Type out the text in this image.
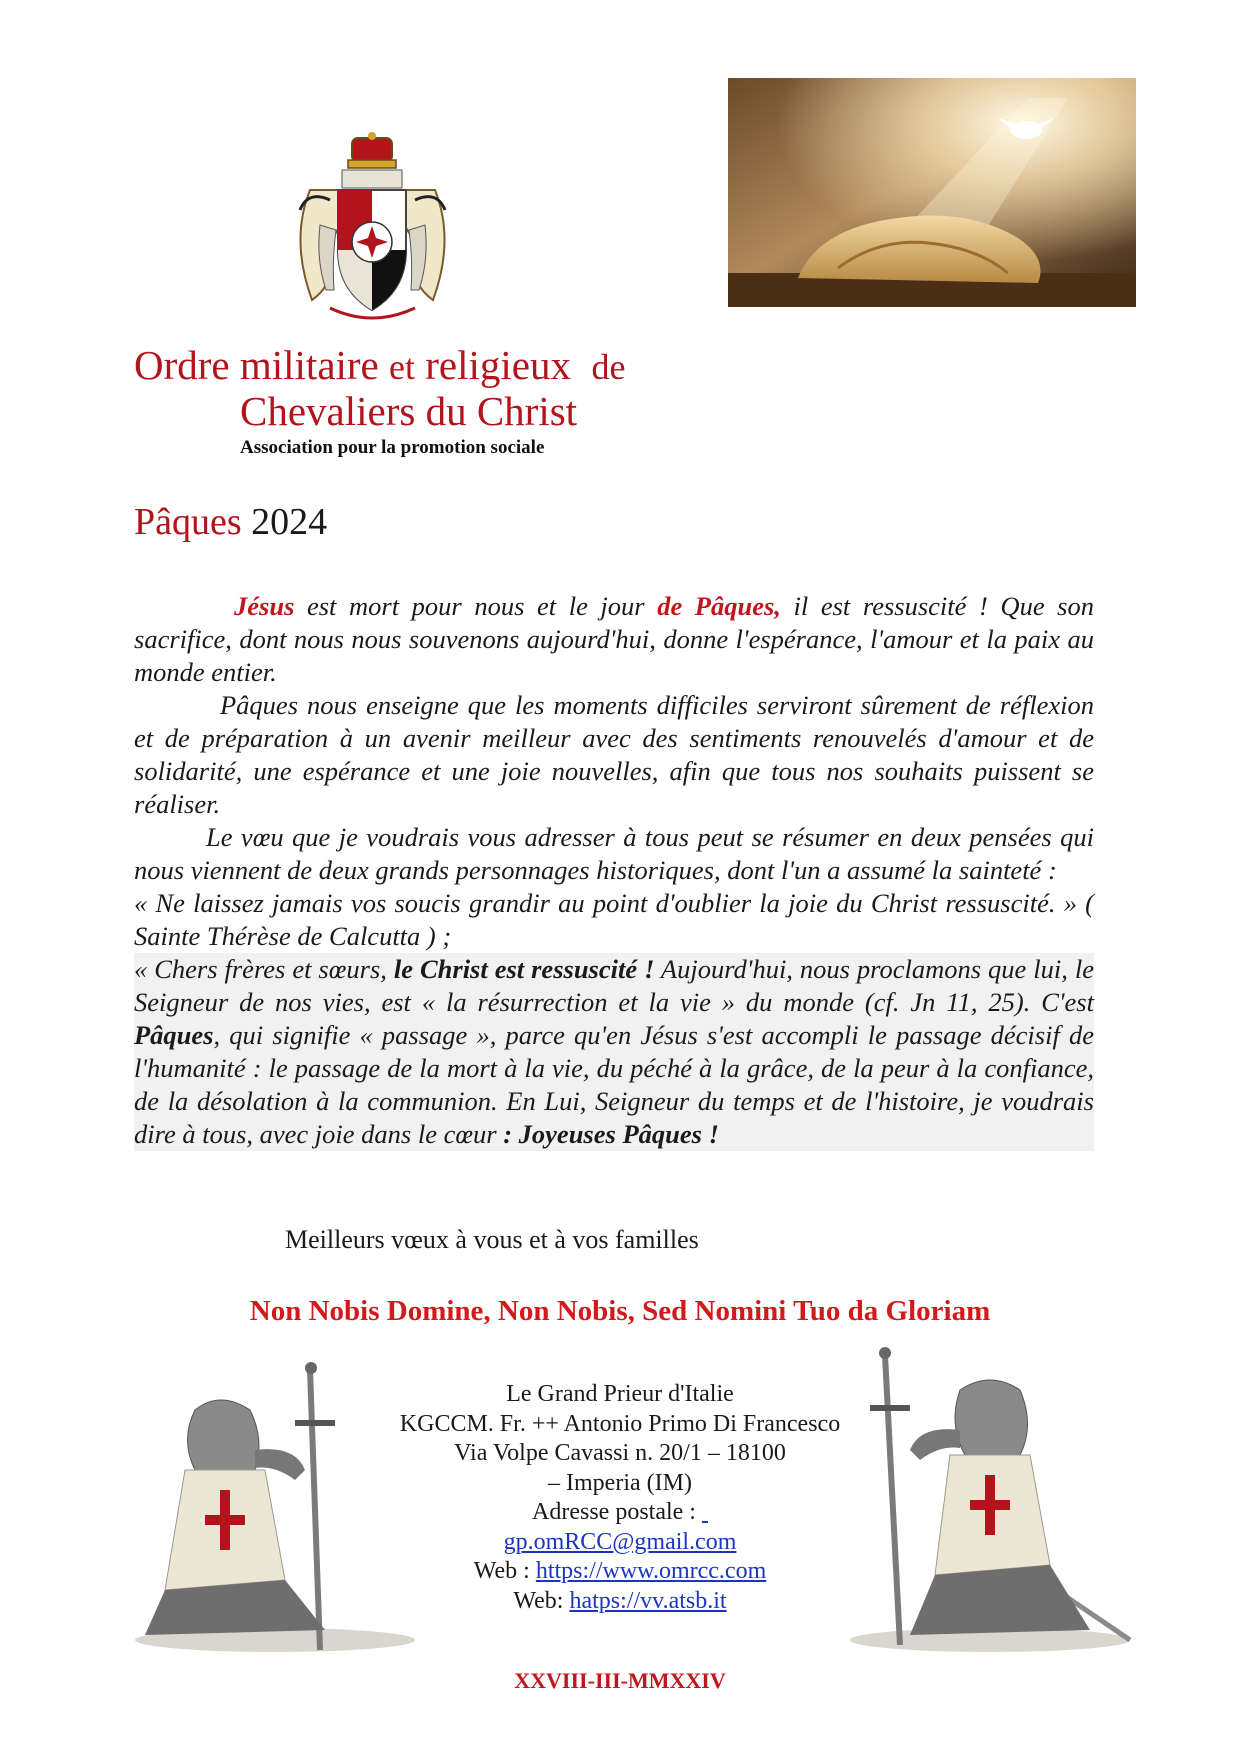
Ordre militaire et religieux de
Chevaliers du Christ
Association pour la promotion sociale
Pâques 2024

Jésus est mort pour nous et le jour de Pâques, il est ressuscité ! Que son sacrifice, dont nous nous souvenons aujourd'hui, donne l'espérance, l'amour et la paix au monde entier.

Pâques nous enseigne que les moments difficiles serviront sûrement de réflexion et de préparation à un avenir meilleur avec des sentiments renouvelés d'amour et de solidarité, une espérance et une joie nouvelles, afin que tous nos souhaits puissent se réaliser.

Le vœu que je voudrais vous adresser à tous peut se résumer en deux pensées qui nous viennent de deux grands personnages historiques, dont l'un a assumé la sainteté :

« Ne laissez jamais vos soucis grandir au point d'oublier la joie du Christ ressuscité. » ( Sainte Thérèse de Calcutta ) ;

« Chers frères et sœurs, le Christ est ressuscité ! Aujourd'hui, nous proclamons que lui, le Seigneur de nos vies, est « la résurrection et la vie » du monde (cf. Jn 11, 25). C'est Pâques, qui signifie « passage », parce qu'en Jésus s'est accompli le passage décisif de l'humanité : le passage de la mort à la vie, du péché à la grâce, de la peur à la confiance, de la désolation à la communion. En Lui, Seigneur du temps et de l'histoire, je voudrais dire à tous, avec joie dans le cœur : Joyeuses Pâques !

Meilleurs vœux à vous et à vos familles
Non Nobis Domine, Non Nobis, Sed Nomini Tuo da Gloriam
Le Grand Prieur d'Italie
KGCCM. Fr. ++ Antonio Primo Di Francesco
Via Volpe Cavassi n. 20/1 – 18100
– Imperia (IM)
Adresse postale :
gp.omRCC@gmail.com
Web : https://www.omrcc.com
Web: hatps://vv.atsb.it
XXVIII-III-MMXXIV
